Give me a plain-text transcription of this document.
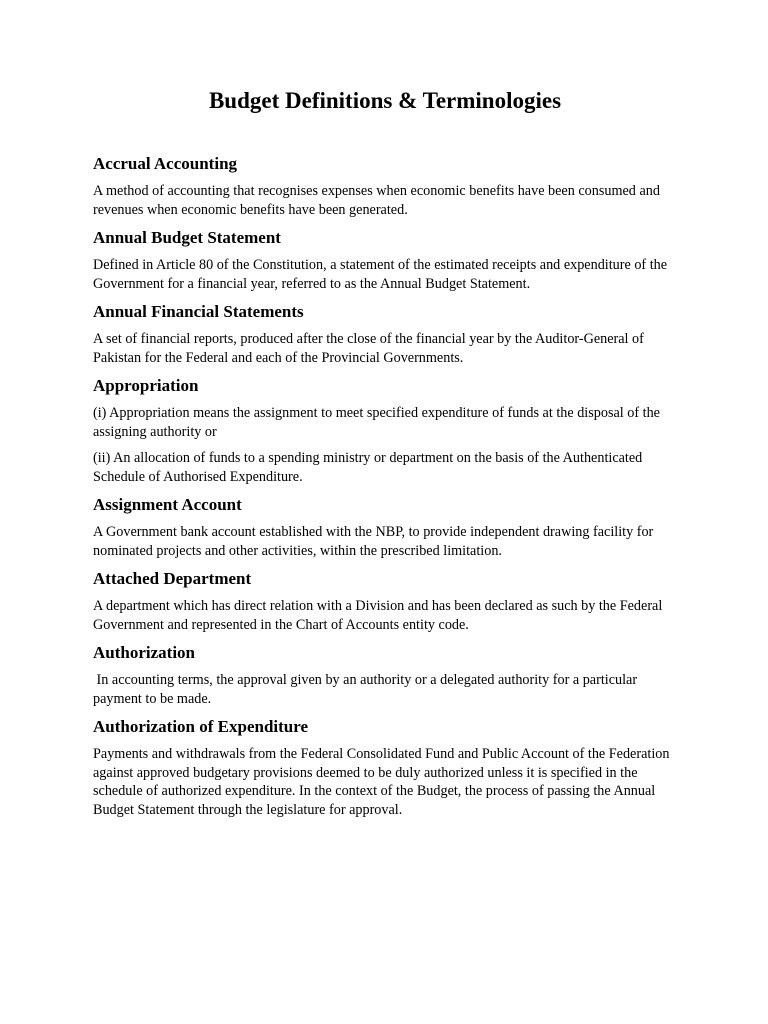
Budget Definitions & Terminologies
Accrual Accounting

A method of accounting that recognises expenses when economic benefits have been consumed and revenues when economic benefits have been generated.

Annual Budget Statement

Defined in Article 80 of the Constitution, a statement of the estimated receipts and expenditure of the Government for a financial year, referred to as the Annual Budget Statement.

Annual Financial Statements

A set of financial reports, produced after the close of the financial year by the Auditor-General of Pakistan for the Federal and each of the Provincial Governments.

Appropriation

(i) Appropriation means the assignment to meet specified expenditure of funds at the disposal of the assigning authority or

(ii) An allocation of funds to a spending ministry or department on the basis of the Authenticated Schedule of Authorised Expenditure.

Assignment Account

A Government bank account established with the NBP, to provide independent drawing facility for nominated projects and other activities, within the prescribed limitation.

Attached Department

A department which has direct relation with a Division and has been declared as such by the Federal Government and represented in the Chart of Accounts entity code.

Authorization

In accounting terms, the approval given by an authority or a delegated authority for a particular payment to be made.

Authorization of Expenditure

Payments and withdrawals from the Federal Consolidated Fund and Public Account of the Federation against approved budgetary provisions deemed to be duly authorized unless it is specified in the schedule of authorized expenditure. In the context of the Budget, the process of passing the Annual Budget Statement through the legislature for approval.
